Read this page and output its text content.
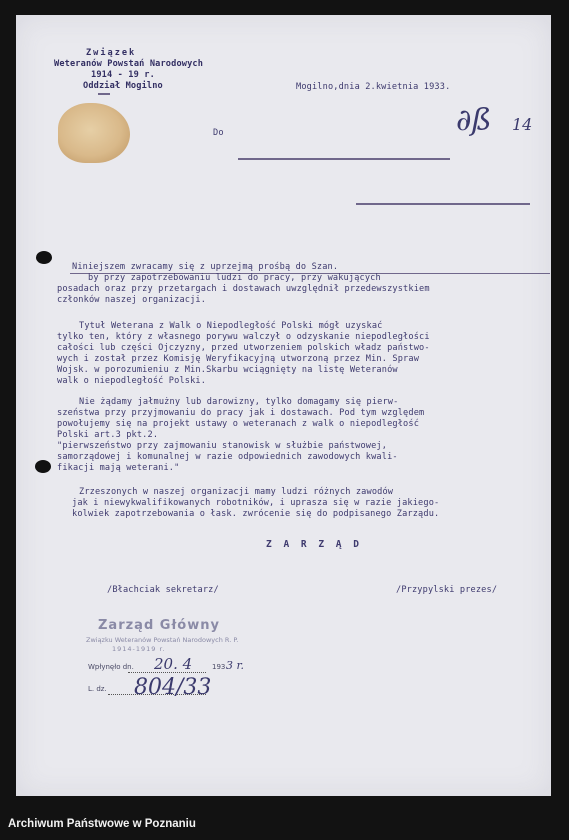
Związek
Weteranów Powstań Narodowych
1914 - 19 r.
Oddział Mogilno	Mogilno,dnia 2.kwietnia 1933.
∂ß 14
Do
Niniejszem zwracamy się z uprzejmą prośbą do Szan.
by przy zapotrzebowaniu ludzi do pracy, przy wakujących
posadach oraz przy przetargach i dostawach uwzględnił przedewszystkiem
członków naszej organizacji.
Tytuł Weterana z Walk o Niepodległość Polski mógł uzyskać
tylko ten, który z własnego porywu walczył o odzyskanie niepodległości
całości lub części Ojczyzny, przed utworzeniem polskich władz państwo-
wych i został przez Komisję Weryfikacyjną utworzoną przez Min. Spraw
Wojsk. w porozumieniu z Min.Skarbu wciągnięty na listę Weteranów
walk o niepodległość Polski.
Nie żądamy jałmużny lub darowizny, tylko domagamy się pierw-
szeństwa przy przyjmowaniu do pracy jak i dostawach. Pod tym względem
powołujemy się na projekt ustawy o weteranach z walk o niepodległość
Polski art.3 pkt.2.
"pierwszeństwo przy zajmowaniu stanowisk w służbie państwowej,
samorządowej i komunalnej w razie odpowiednich zawodowych kwali-
fikacji mają weterani."
Zrzeszonych w naszej organizacji mamy ludzi różnych zawodów
jak i niewykwalifikowanych robotników, i uprasza się w razie jakiego-
kolwiek zapotrzebowania o łask. zwrócenie się do podpisanego Zarządu.
Z A R Z Ą D
/Błachciak sekretarz/	/Przypylski prezes/
Zarząd Główny
Związku Weteranów Powstań Narodowych R. P.
1914-1919 r.
Wpłynęło dn. 20. 4	193 3 r.
L. dz. 804/33
Archiwum Państwowe w Poznaniu
